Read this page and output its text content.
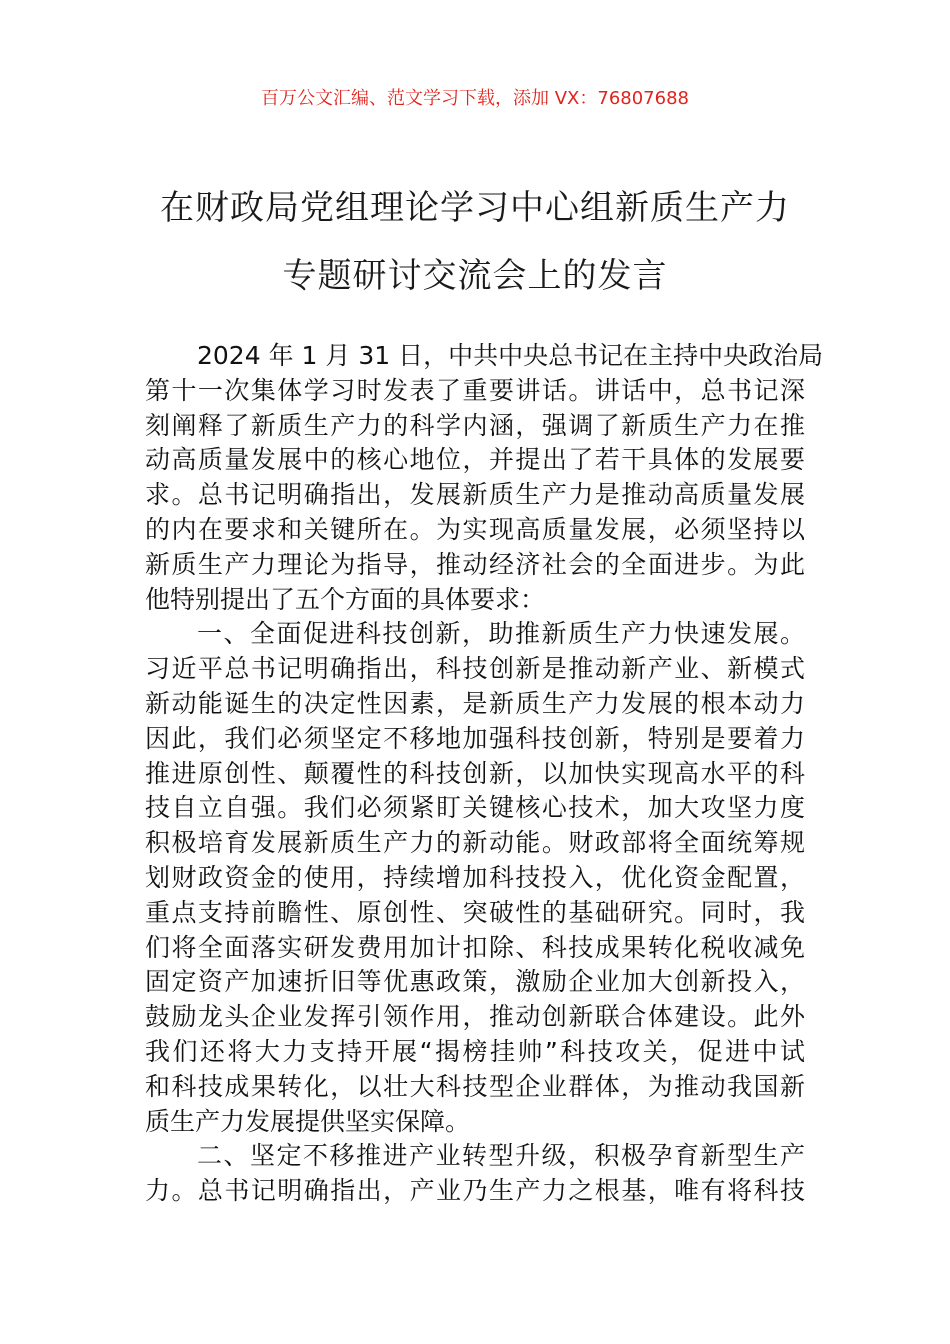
百万公文汇编、范文学习下载，添加 VX：76807688
在财政局党组理论学习中心组新质生产力
专题研讨交流会上的发言
2024 年 1 月 31 日，中共中央总书记在主持中央政治局
第十一次集体学习时发表了重要讲话。讲话中，总书记深
刻阐释了新质生产力的科学内涵，强调了新质生产力在推
动高质量发展中的核心地位，并提出了若干具体的发展要
求。总书记明确指出，发展新质生产力是推动高质量发展
的内在要求和关键所在。为实现高质量发展，必须坚持以
新质生产力理论为指导，推动经济社会的全面进步。为此
他特别提出了五个方面的具体要求：
一、全面促进科技创新，助推新质生产力快速发展。
习近平总书记明确指出，科技创新是推动新产业、新模式
新动能诞生的决定性因素，是新质生产力发展的根本动力
因此，我们必须坚定不移地加强科技创新，特别是要着力
推进原创性、颠覆性的科技创新，以加快实现高水平的科
技自立自强。我们必须紧盯关键核心技术，加大攻坚力度
积极培育发展新质生产力的新动能。财政部将全面统筹规
划财政资金的使用，持续增加科技投入，优化资金配置，
重点支持前瞻性、原创性、突破性的基础研究。同时，我
们将全面落实研发费用加计扣除、科技成果转化税收减免
固定资产加速折旧等优惠政策，激励企业加大创新投入，
鼓励龙头企业发挥引领作用，推动创新联合体建设。此外
我们还将大力支持开展“揭榜挂帅”科技攻关，促进中试
和科技成果转化，以壮大科技型企业群体，为推动我国新
质生产力发展提供坚实保障。
二、坚定不移推进产业转型升级，积极孕育新型生产
力。总书记明确指出，产业乃生产力之根基，唯有将科技
